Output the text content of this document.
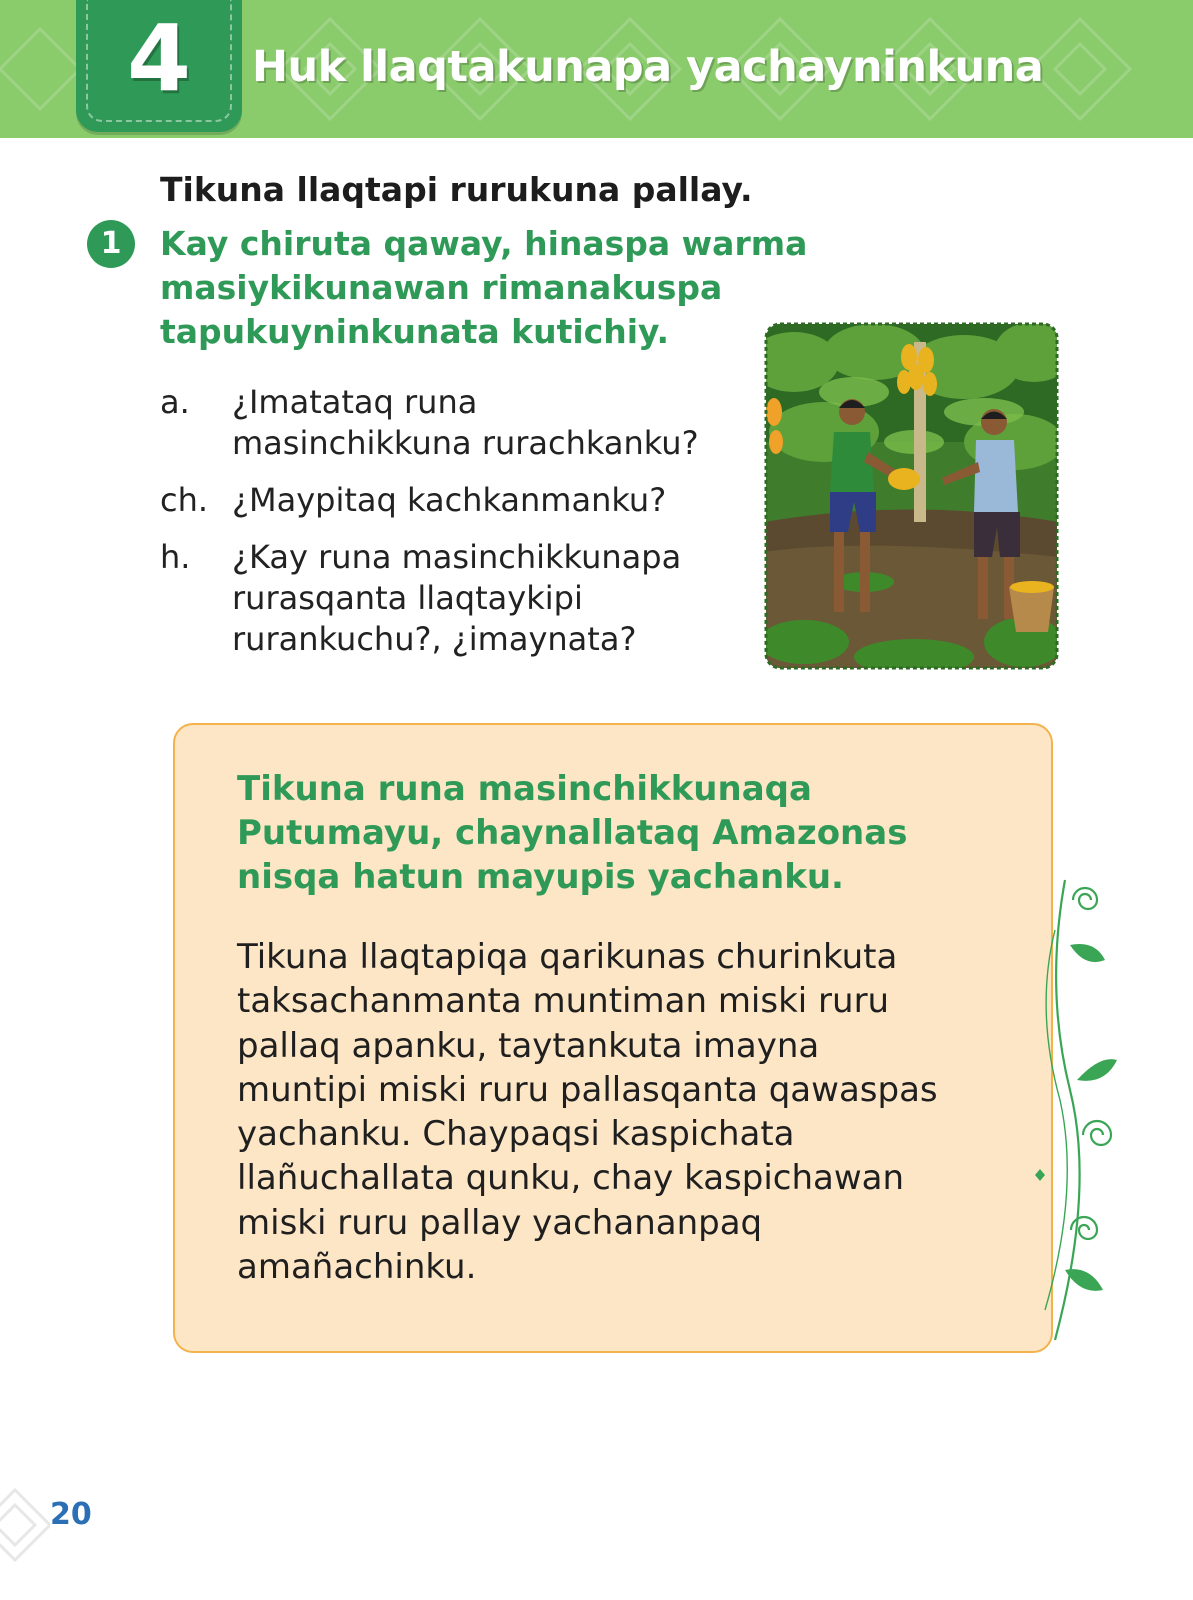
4	Huk llaqtakunapa yachayninkuna
Tikuna llaqtapi rurukuna pallay.
1	Kay chiruta qaway, hinaspa warma
masiykikunawan rimanakuspa
tapukuyninkunata kutichiy.
a.	¿Imatataq runa
masinchikkuna rurachkanku?
ch. ¿Maypitaq kachkanmanku?
h.	¿Kay runa masinchikkunapa
rurasqanta llaqtaykipi
rurankuchu?, ¿imaynata?
Tikuna runa masinchikkunaqa
Putumayu, chaynallataq Amazonas
nisqa hatun mayupis yachanku.
Tikuna llaqtapiqa qarikunas churinkuta
taksachanmanta muntiman miski ruru
pallaq apanku, taytankuta imayna
muntipi miski ruru pallasqanta qawaspas
yachanku. Chaypaqsi kaspichata
llañuchallata qunku, chay kaspichawan
miski ruru pallay yachananpaq
amañachinku.
20
